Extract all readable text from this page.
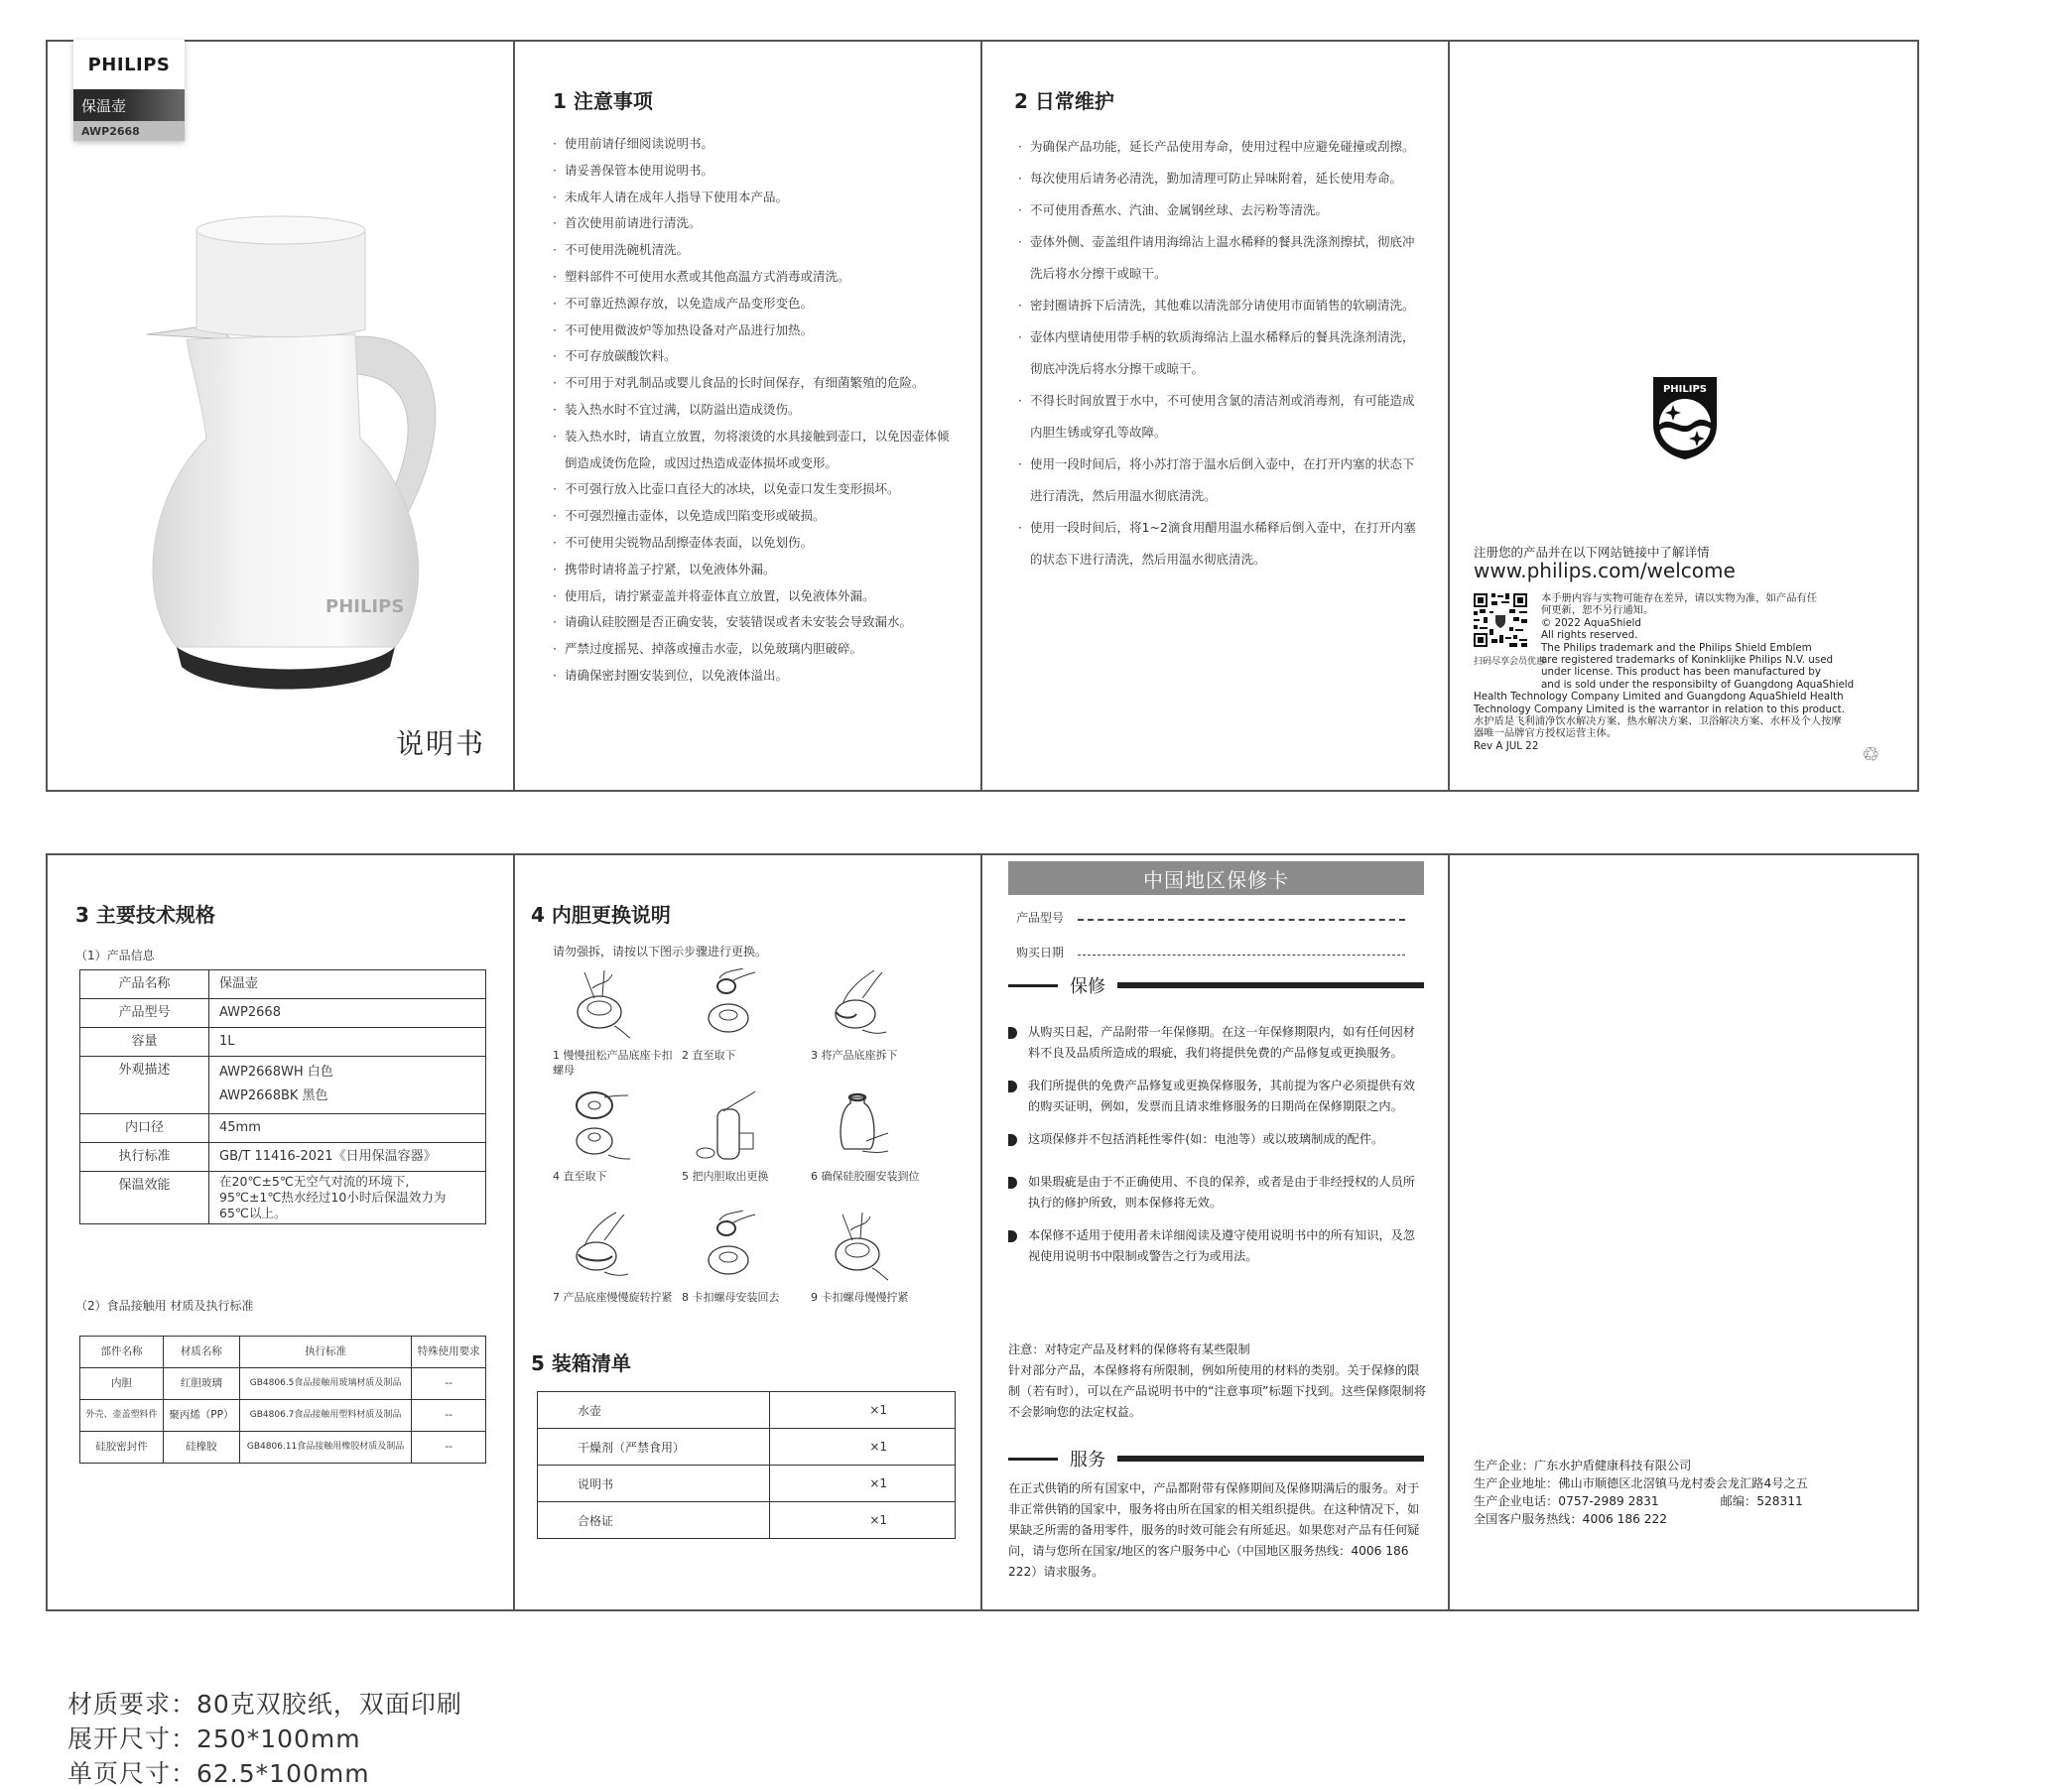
PHILIPS
保温壶
AWP2668
PHILIPS
说明书
1 注意事项
· 使用前请仔细阅读说明书。
· 请妥善保管本使用说明书。
· 未成年人请在成年人指导下使用本产品。
· 首次使用前请进行清洗。
· 不可使用洗碗机清洗。
· 塑料部件不可使用水煮或其他高温方式消毒或清洗。
· 不可靠近热源存放，以免造成产品变形变色。
· 不可使用微波炉等加热设备对产品进行加热。
· 不可存放碳酸饮料。
· 不可用于对乳制品或婴儿食品的长时间保存，有细菌繁殖的危险。
· 装入热水时不宜过满，以防溢出造成烫伤。
· 装入热水时，请直立放置，勿将滚烫的水具接触到壶口，以免因壶体倾倒造成烫伤危险，或因过热造成壶体损坏或变形。
· 不可强行放入比壶口直径大的冰块，以免壶口发生变形损坏。
· 不可强烈撞击壶体，以免造成凹陷变形或破损。
· 不可使用尖锐物品刮擦壶体表面，以免划伤。
· 携带时请将盖子拧紧，以免液体外漏。
· 使用后，请拧紧壶盖并将壶体直立放置，以免液体外漏。
· 请确认硅胶圈是否正确安装，安装错误或者未安装会导致漏水。
· 严禁过度摇晃、掉落或撞击水壶，以免玻璃内胆破碎。
· 请确保密封圈安装到位，以免液体溢出。
2 日常维护
· 为确保产品功能，延长产品使用寿命，使用过程中应避免碰撞或刮擦。
· 每次使用后请务必清洗，勤加清理可防止异味附着，延长使用寿命。
· 不可使用香蕉水、汽油、金属钢丝球、去污粉等清洗。
· 壶体外侧、壶盖组件请用海绵沾上温水稀释的餐具洗涤剂擦拭，彻底冲洗后将水分擦干或晾干。
· 密封圈请拆下后清洗，其他难以清洗部分请使用市面销售的软刷清洗。
· 壶体内壁请使用带手柄的软质海绵沾上温水稀释后的餐具洗涤剂清洗，彻底冲洗后将水分擦干或晾干。
· 不得长时间放置于水中，不可使用含氯的清洁剂或消毒剂，有可能造成内胆生锈或穿孔等故障。
· 使用一段时间后，将小苏打溶于温水后倒入壶中，在打开内塞的状态下进行清洗，然后用温水彻底清洗。
· 使用一段时间后，将1~2滴食用醋用温水稀释后倒入壶中，在打开内塞的状态下进行清洗，然后用温水彻底清洗。
PHILIPS
注册您的产品并在以下网站链接中了解详情
www.philips.com/welcome
扫码尽享会员优惠
本手册内容与实物可能存在差异，请以实物为准，如产品有任
何更新，恕不另行通知。
© 2022 AquaShield
All rights reserved.
The Philips trademark and the Philips Shield Emblem
are registered trademarks of Koninklijke Philips N.V. used
under license. This product has been manufactured by
and is sold under the responsibilty of Guangdong AquaShield
Health Technology Company Limited and Guangdong AquaShield Health
Technology Company Limited is the warrantor in relation to this product.
水护盾是飞利浦净饮水解决方案、热水解决方案、卫浴解决方案、水杯及个人按摩
器唯一品牌官方授权运营主体。
Rev A JUL 22	♲
3 主要技术规格
（1）产品信息
产品名称	保温壶
产品型号	AWP2668
容量	1L
外观描述	AWP2668WH 白色
AWP2668BK 黑色

内口径	45mm
执行标准	GB/T 11416-2021《日用保温容器》
保温效能	在20℃±5℃无空气对流的环境下,
95℃±1℃热水经过10小时后保温效力为
65℃以上。
（2）食品接触用 材质及执行标准
部件名称	材质名称	执行标准	特殊使用要求
内胆	红胆玻璃	GB4806.5食品接触用玻璃材质及制品	--
外壳、壶盖塑料件	聚丙烯（PP）	GB4806.7食品接触用塑料材质及制品	--
硅胶密封件	硅橡胶	GB4806.11食品接触用橡胶材质及制品	--
4 内胆更换说明
请勿强拆，请按以下图示步骤进行更换。
1 慢慢扭松产品底座卡扣螺母
2 直至取下	3 将产品底座拆下
4 直至取下	5 把内胆取出更换	6 确保硅胶圈安装到位
7 产品底座慢慢旋转拧紧 8 卡扣螺母安装回去	9 卡扣螺母慢慢拧紧
5 装箱清单
水壶	×1
干燥剂（严禁食用）	×1
说明书	×1
合格证	×1
中国地区保修卡
产品型号
购买日期
保修
从购买日起，产品附带一年保修期。在这一年保修期限内，如有任何因材料不良及品质所造成的瑕疵，我们将提供免费的产品修复或更换服务。
我们所提供的免费产品修复或更换保修服务，其前提为客户必须提供有效的购买证明，例如，发票而且请求维修服务的日期尚在保修期限之内。
这项保修并不包括消耗性零件(如：电池等）或以玻璃制成的配件。
如果瑕疵是由于不正确使用、不良的保养，或者是由于非经授权的人员所执行的修护所致，则本保修将无效。
本保修不适用于使用者未详细阅读及遵守使用说明书中的所有知识，及忽视使用说明书中限制或警告之行为或用法。
注意：对特定产品及材料的保修将有某些限制
针对部分产品，本保修将有所限制，例如所使用的材料的类别。关于保修的限制（若有时），可以在产品说明书中的“注意事项”标题下找到。这些保修限制将不会影响您的法定权益。
服务
在正式供销的所有国家中，产品都附带有保修期间及保修期满后的服务。对于非正常供销的国家中，服务将由所在国家的相关组织提供。在这种情况下，如果缺乏所需的备用零件，服务的时效可能会有所延迟。如果您对产品有任何疑问，请与您所在国家/地区的客户服务中心（中国地区服务热线：4006 186 222）请求服务。
生产企业：广东水护盾健康科技有限公司
生产企业地址：佛山市顺德区北滘镇马龙村委会龙汇路4号之五
生产企业电话：0757-2989 2831	邮编：528311
全国客户服务热线：4006 186 222
材质要求：80克双胶纸，双面印刷
展开尺寸：250*100mm
单页尺寸：62.5*100mm
